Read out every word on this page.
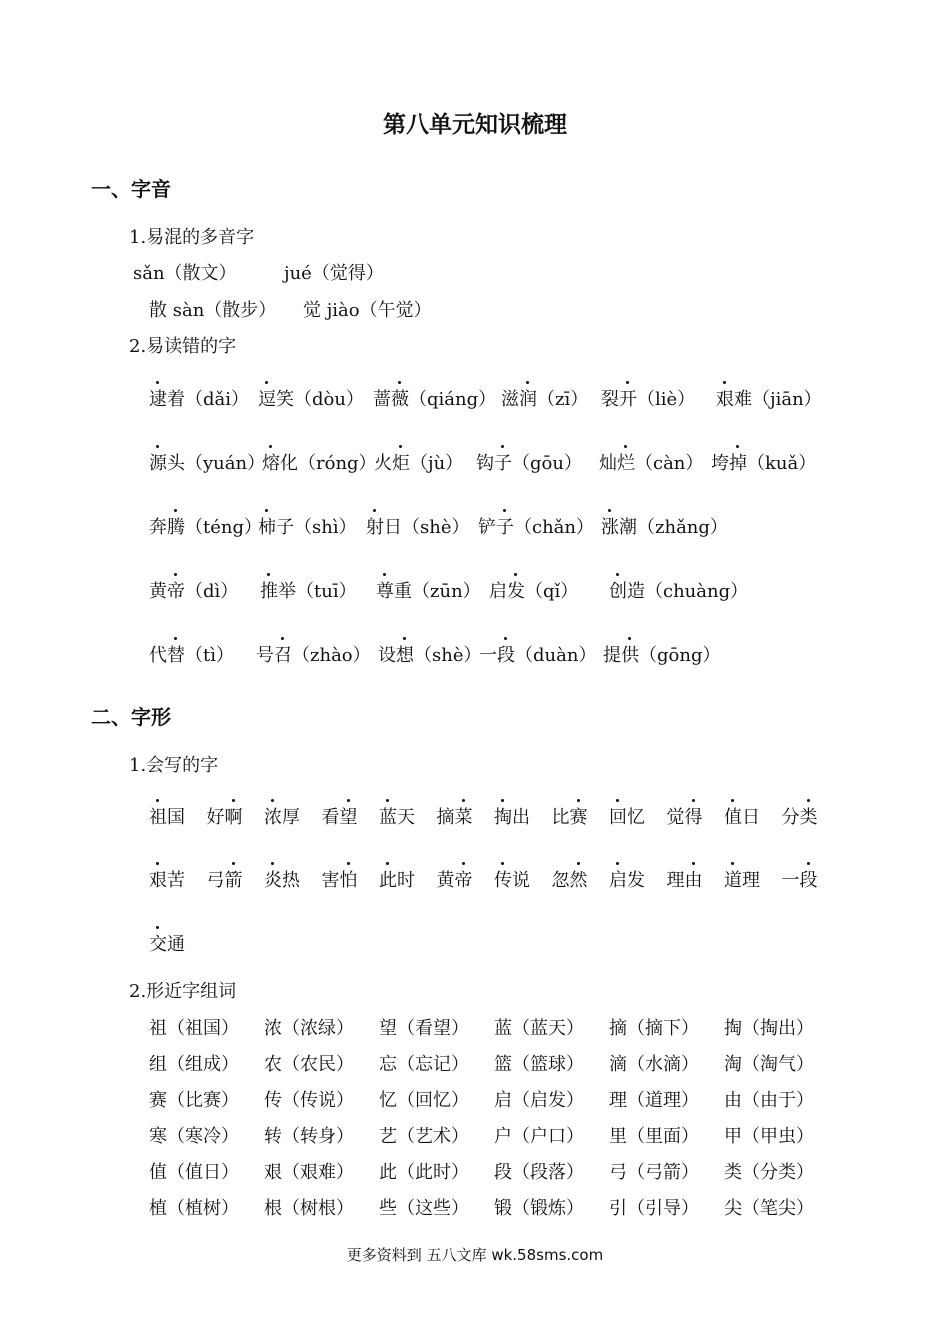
第八单元知识梳理
一、字音
1.易混的多音字
sǎn（散文）	jué（觉得）
散 sàn（散步） 觉 jiào（午觉）
2.易读错的字
逮着（dǎi） 逗笑（dòu） 蔷薇（qiáng） 滋润（zī） 裂开（liè） 艰难（jiān）
源头（yuán）
熔化（róng）
火炬（jù） 钩子（gōu） 灿烂（càn） 垮掉（kuǎ）
奔腾（téng）
柿子（shì） 射日（shè） 铲子（chǎn） 涨潮（zhǎng）
黄帝（dì） 推举（tuī） 尊重（zūn） 启发（qǐ） 创造（chuàng）
代替（tì） 号召（zhào） 设想（shè）
一段（duàn） 提供（gōng）
二、字形
1.会写的字
祖国 好啊 浓厚 看望 蓝天 摘菜 掏出 比赛 回忆 觉得 值日 分类
艰苦 弓箭 炎热 害怕 此时 黄帝 传说 忽然 启发 理由 道理 一段
交通
2.形近字组词
祖（祖国） 浓（浓绿） 望（看望） 蓝（蓝天） 摘（摘下） 掏（掏出）
组（组成） 农（农民） 忘（忘记） 篮（篮球） 滴（水滴） 淘（淘气）
赛（比赛） 传（传说） 忆（回忆） 启（启发） 理（道理） 由（由于）
寒（寒冷） 转（转身） 艺（艺术） 户（户口） 里（里面） 甲（甲虫）
值（值日） 艰（艰难） 此（此时） 段（段落） 弓（弓箭） 类（分类）
植（植树） 根（树根） 些（这些） 锻（锻炼） 引（引导） 尖（笔尖）
更多资料到 五八文库 wk.58sms.com
